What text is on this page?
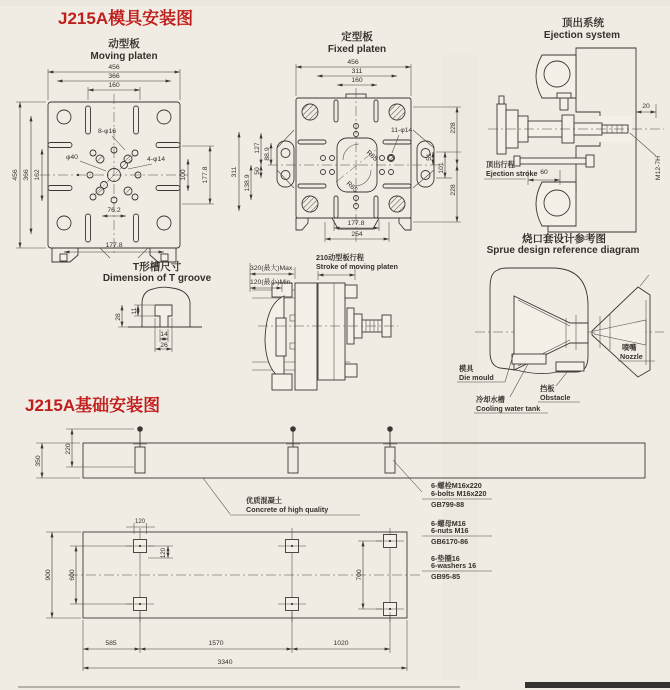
J215A模具安装图
J215A基础安装图
动型板
Moving platen
8-φ16
φ40	4-φ14
456
366
160
456 366 162	177.8
100
76.2
177.8
定型板
Fixed platen
R65
R65
11-φ14
456
311
160
311
138.9
127 88.9
50
228
51
101
228
177.8
254
顶出系统
Ejection system
20
M12-7H
顶出行程
Ejection stroke 60
T形槽尺寸
Dimension of T groove
11
28
14
26
320(最大)Max.
120(最小)Min.
210动型板行程
Stroke of moving platen
烧口套设计参考图
Sprue design reference diagram
模具
Die mould
冷却水槽
Cooling water tank
挡板
Obstacle
喷嘴
Nozzle
350
220
优质混凝土
Concrete of high quality
6-螺栓M16x220
6-bolts M16x220
GB799-88
6-螺母M16
6-nuts M16
GB6170-86
6-垫圈16
6-washers 16
GB95-85
900	600
120
120
700
585	1570	1020
3340
